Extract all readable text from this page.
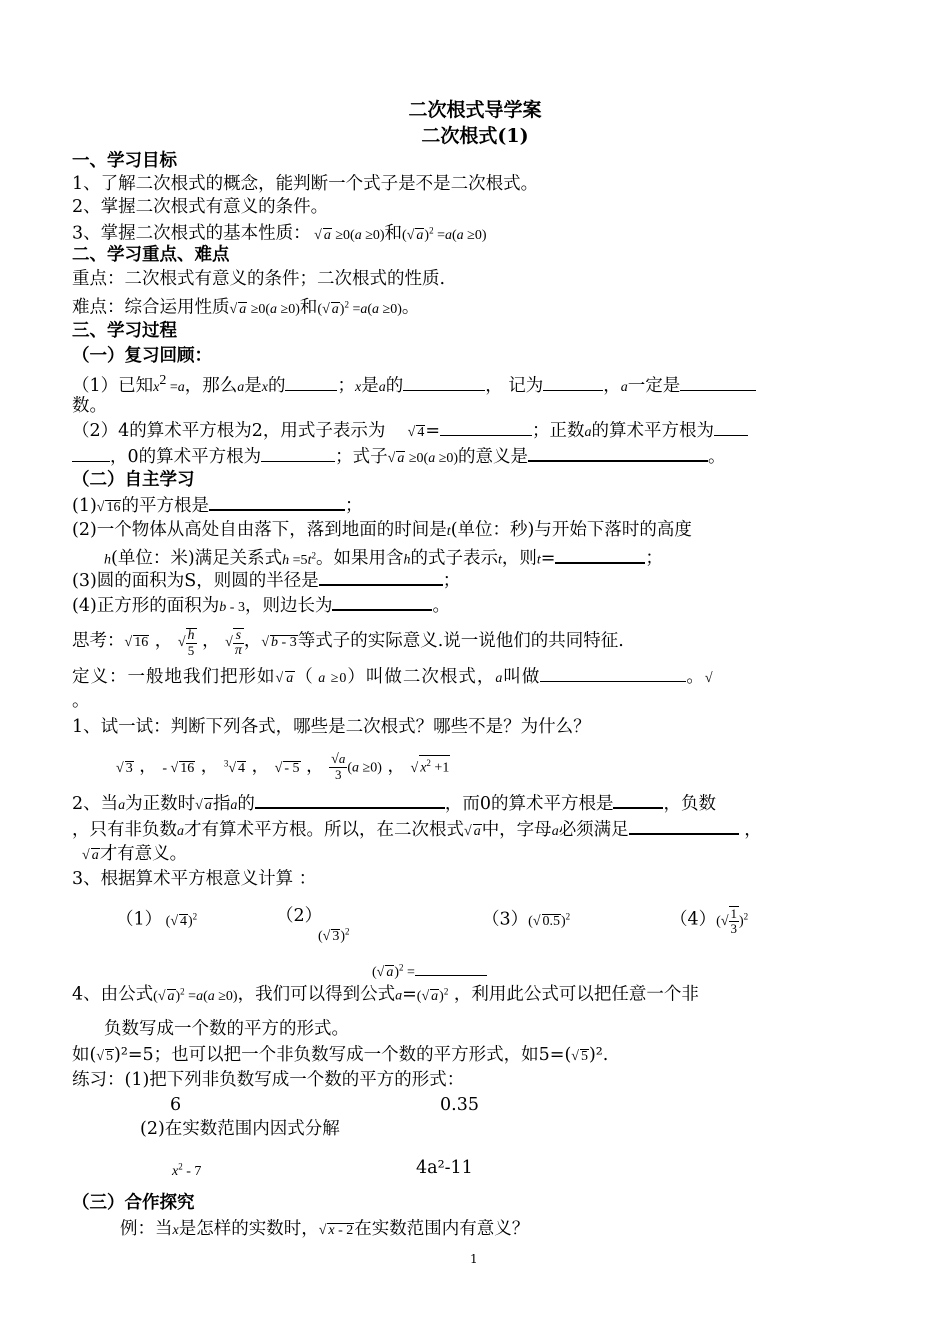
二次根式导学案
二次根式(1)
一、学习目标
1、了解二次根式的概念，能判断一个式子是不是二次根式。
2、掌握二次根式有意义的条件。
3、掌握二次根式的基本性质： √ a ≥0(a ≥0)和(√ a)$^2$ =a(a ≥0)
二、学习重点、难点
重点：二次根式有意义的条件；二次根式的性质.
难点：综合运用性质√ a ≥0(a ≥0)和(√ a)$^2$ =a(a ≥0)。
三、学习过程
（一）复习回顾：
（1）已知$x^2 =a$，那么a是x的	；x是a的	， 记为	，a一定是
数。
（2）4的算术平方根为2，用式子表示为 √ 4=	；正数a的算术平方根为
，0的算术平方根为	；式子√ a ≥0(a ≥0)的意义是	。
（二）自主学习
(1)√ 16的平方根是	；
(2)一个物体从高处自由落下，落到地面的时间是t(单位：秒)与开始下落时的高度
h(单位：米)满足关系式$h =5t^2$。如果用含h的式子表示t，则t=	；
(3)圆的面积为S，则圆的半径是	；
(4)正方形的面积为b - 3，则边长为	。
思考：√ 16 ， √ $\frac{h}{5}$ ， √ $\frac{s}{\pi}$ ，√ b - 3等式子的实际意义.说一说他们的共同特征.
定义：一般地我们把形如√ a（ a ≥0）叫做二次根式，a叫做	。√
。
1、试一试：判断下列各式，哪些是二次根式？哪些不是？为什么？
√ 3 ， - √ 16 ， $^3$√ 4 ， √ - 5 ， $\frac{√a}{3} (a \ge 0)$ ， √ $x^2 +1$
2、当a为正数时√ a指a的	，而0的算术平方根是	，负数
，只有非负数a才有算术平方根。所以，在二次根式√ a中，字母a必须满足	，
√ a才有意义。
3、根据算术平方根意义计算 ：
（1） (√ 4)$^2$	（2）
(√ 3)$^2$
（3）(√ 0.5)$^2$	$(4)(√ \frac{1}{3} )^2$
(√ a)$^2$ =
4、由公式(√ a)$^2$ =a(a ≥0)，我们可以得到公式a=(√ a)$^2$ ，利用此公式可以把任意一个非
负数写成一个数的平方的形式。
如(√ 5)²=5；也可以把一个非负数写成一个数的平方形式，如5=(√ 5)².
练习：(1)把下列非负数写成一个数的平方的形式：
6	0.35
(2)在实数范围内因式分解
$x^2 - 7$	4a²-11
（三）合作探究
例：当x是怎样的实数时，√ x - 2在实数范围内有意义？
1
